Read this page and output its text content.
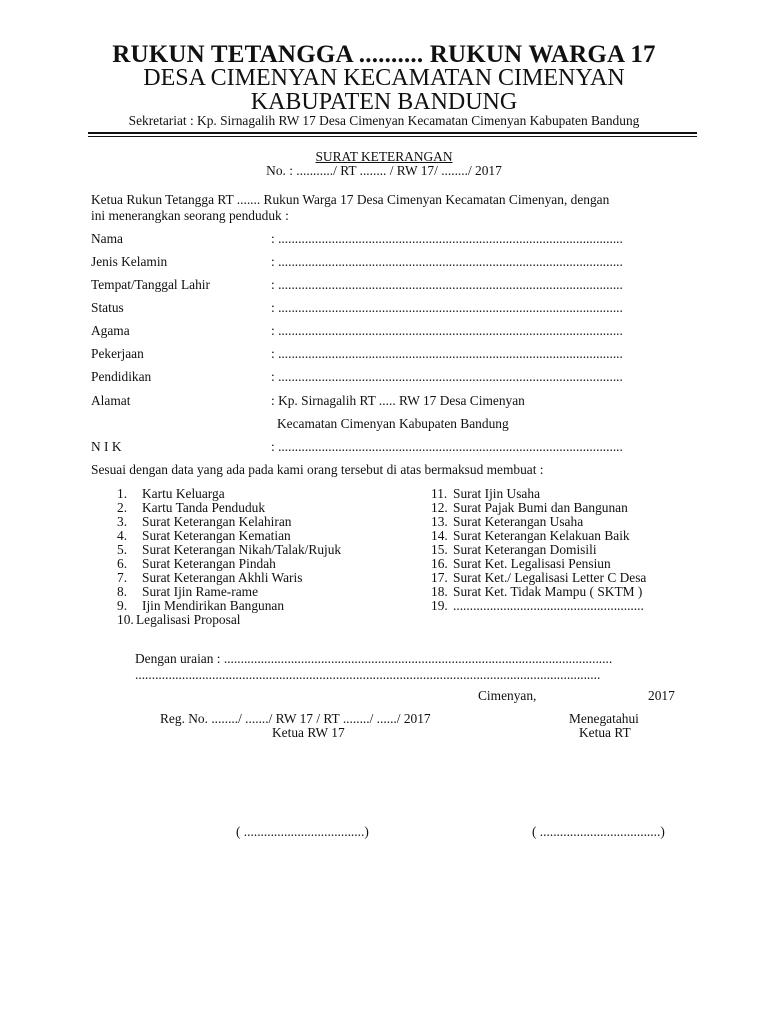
RUKUN TETANGGA .......... RUKUN WARGA 17
DESA CIMENYAN KECAMATAN CIMENYAN
KABUPATEN BANDUNG
Sekretariat : Kp. Sirnagalih RW 17 Desa Cimenyan Kecamatan Cimenyan Kabupaten Bandung
SURAT KETERANGAN
No. : .........../ RT ........ / RW 17/ ......../ 2017
Ketua Rukun Tetangga RT ....... Rukun Warga 17 Desa Cimenyan Kecamatan Cimenyan, dengan
ini menerangkan seorang penduduk :
Nama	: .......................................................................................................
Jenis Kelamin	: .......................................................................................................
Tempat/Tanggal Lahir	: .......................................................................................................
Status	: .......................................................................................................
Agama	: .......................................................................................................
Pekerjaan	: .......................................................................................................
Pendidikan	: .......................................................................................................
Alamat	: Kp. Sirnagalih RT ..... RW 17 Desa Cimenyan
Kecamatan Cimenyan Kabupaten Bandung
N I K	: .......................................................................................................
Sesuai dengan data yang ada pada kami orang tersebut di atas bermaksud membuat :
1. Kartu Keluarga
2. Kartu Tanda Penduduk
3. Surat Keterangan Kelahiran
4. Surat Keterangan Kematian
5. Surat Keterangan Nikah/Talak/Rujuk
6. Surat Keterangan Pindah
7. Surat Keterangan Akhli Waris
8. Surat Ijin Rame-rame
9. Ijin Mendirikan Bangunan
10. Legalisasi Proposal
11. Surat Ijin Usaha
12. Surat Pajak Bumi dan Bangunan
13. Surat Keterangan Usaha
14. Surat Keterangan Kelakuan Baik
15. Surat Keterangan Domisili
16. Surat Ket. Legalisasi Pensiun
17. Surat Ket./ Legalisasi Letter C Desa
18. Surat Ket. Tidak Mampu ( SKTM )
19. .........................................................
Dengan uraian : ....................................................................................................................
...........................................................................................................................................
Cimenyan,	2017
Reg. No. ......../ ......./ RW 17 / RT ......../ ....../ 2017
Ketua RW 17
Menegatahui
Ketua RT
( ....................................)	( ....................................)
